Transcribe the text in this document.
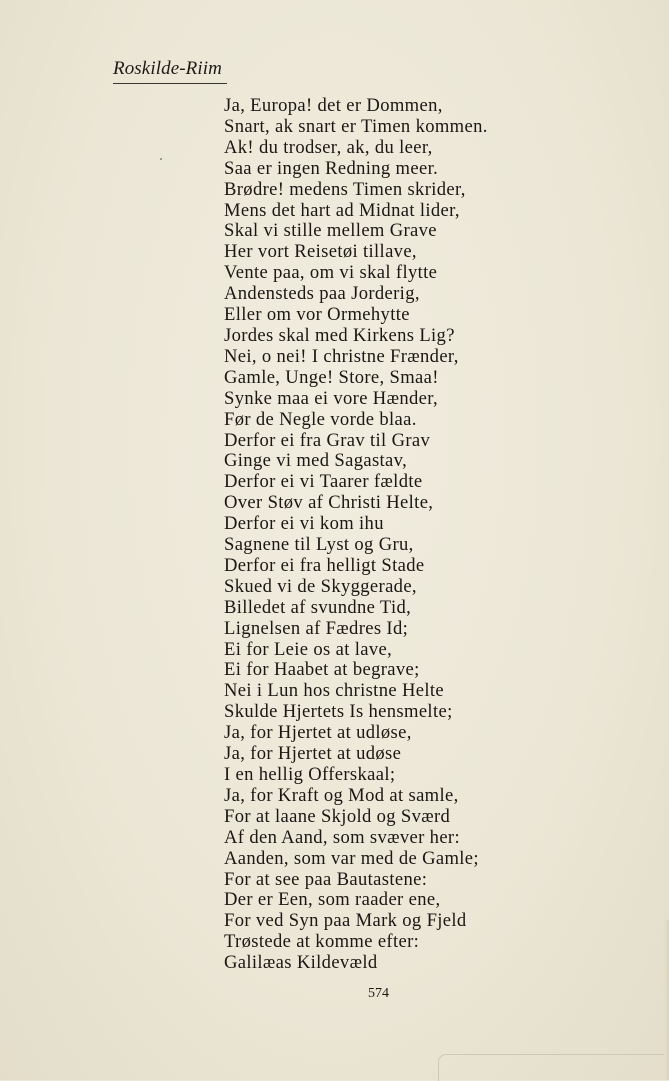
Roskilde-Riim
Ja, Europa! det er Dommen,
Snart, ak snart er Timen kommen.
Ak! du trodser, ak, du leer,
Saa er ingen Redning meer.
Brødre! medens Timen skrider,
Mens det hart ad Midnat lider,
Skal vi stille mellem Grave
Her vort Reisetøi tillave,
Vente paa, om vi skal flytte
Andensteds paa Jorderig,
Eller om vor Ormehytte
Jordes skal med Kirkens Lig?
Nei, o nei! I christne Frænder,
Gamle, Unge! Store, Smaa!
Synke maa ei vore Hænder,
Før de Negle vorde blaa.
Derfor ei fra Grav til Grav
Ginge vi med Sagastav,
Derfor ei vi Taarer fældte
Over Støv af Christi Helte,
Derfor ei vi kom ihu
Sagnene til Lyst og Gru,
Derfor ei fra helligt Stade
Skued vi de Skyggerade,
Billedet af svundne Tid,
Lignelsen af Fædres Id;
Ei for Leie os at lave,
Ei for Haabet at begrave;
Nei i Lun hos christne Helte
Skulde Hjertets Is hensmelte;
Ja, for Hjertet at udløse,
Ja, for Hjertet at udøse
I en hellig Offerskaal;
Ja, for Kraft og Mod at samle,
For at laane Skjold og Sværd
Af den Aand, som svæver her:
Aanden, som var med de Gamle;
For at see paa Bautastene:
Der er Een, som raader ene,
For ved Syn paa Mark og Fjeld
Trøstede at komme efter:
Galilæas Kildevæld
574
